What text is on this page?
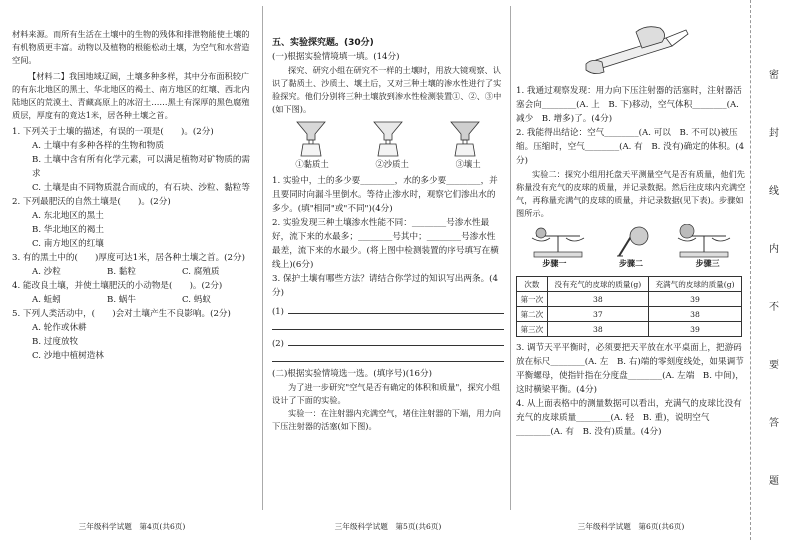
材料来源。而所有生活在土壤中的生物的残体和排泄物能使土壤的有机物质更丰富。动物以及植物的根能松动土壤，为空气和水营造空间。
【材料二】我国地域辽阔，土壤多种多样，其中分布面积较广的有东北地区的黑土、华北地区的褐土、南方地区的红壤、西北内陆地区的荒漠土、青藏高原上的冰沼土……黑土有深厚的黑色腐殖质层，厚度有的竟达1米，居各种土壤之首。
1. 下列关于土壤的描述，有误的一项是(　　)。(2分)
A. 土壤中有多种各样的生物和物质
B. 土壤中含有所有化学元素，可以满足植物对矿物质的需求
C. 土壤是由不同物质混合而成的，有石块、沙粒、黏粒等
2. 下列最肥沃的自然土壤是(　　)。(2分)
A. 东北地区的黑土
B. 华北地区的褐土
C. 南方地区的红壤
3. 有的黑土中的(　　)厚度可达1米，居各种土壤之首。(2分)
A. 沙粒	B. 黏粒	C. 腐殖质
4. 能改良土壤，并使土壤肥沃的小动物是(　　)。(2分)
A. 蚯蚓	B. 蜗牛	C. 蚂蚁
5. 下列人类活动中，(　　)会对土壤产生不良影响。(2分)
A. 轮作或休耕
B. 过度放牧
C. 沙地中植树造林
三年级科学试题　第4页(共6页)
五、实验探究题。(30分)
(一)根据实验情境填一填。(14分)
探究、研究小组在研究不一样的土壤时，用放大镜观察、认识了黏质土、沙质土、壤土后，又对三种土壤的渗水性进行了实验探究。他们分别将三种土壤放到渗水性检测装置①、②、③中(如下图)。
①黏质土	②沙质土	③壤土
1. 实验中，土的多少要________，水的多少要________，并且要同时向漏斗里倒水。等待止渗水时，观察它们渗出水的多少。(填"相同"或"不同")(4分)
2. 实验发现三种土壤渗水性能不同：________号渗水性最好，流下来的水最多；________号其中；________号渗水性最差，流下来的水最少。(将上图中检测装置的序号填写在横线上)(6分)
3. 保护土壤有哪些方法？请结合你学过的知识写出两条。(4分)
(1)
(2)
(二)根据实验情境选一选。(填序号)(16分)
为了进一步研究"空气是否有确定的体积和质量"，探究小组设计了下面的实验。
实验一：在注射器内充满空气，堵住注射器的下端，用力向下压注射器的活塞(如下图)。
三年级科学试题　第5页(共6页)
1. 我通过观察发现：用力向下压注射器的活塞时，注射器活塞会向________(A. 上　B. 下)移动，空气体积________(A. 减少　B. 增多)了。(4分)
2. 我能得出结论：空气________(A. 可以　B. 不可以)被压缩。压缩时，空气________(A. 有　B. 没有)确定的体积。(4分)
实验二：探究小组用托盘天平测量空气是否有质量，他们先称量没有充气的皮球的质量，并记录数据。然后往皮球内充满空气，再称量充满气的皮球的质量，并记录数据(见下表)。步骤如图所示。
步骤一	步骤二	步骤三
次数	没有充气的皮球的质量(g)	充满气的皮球的质量(g)
第一次	38	39
第二次	37	38
第三次	38	39
3. 调节天平平衡时，必须要把天平放在水平桌面上，把游码放在标尺________(A. 左　B. 右)端的零刻度线处，如果调节平衡螺母，使指针指在分度盘________(A. 左端　B. 中间)，这时横梁平衡。(4分)
4. 从上面表格中的测量数据可以看出，充满气的皮球比没有充气的皮球质量________(A. 轻　B. 重)，说明空气________(A. 有　B. 没有)质量。(4分)
三年级科学试题　第6页(共6页)
密
封
线
内
不
要
答
题
